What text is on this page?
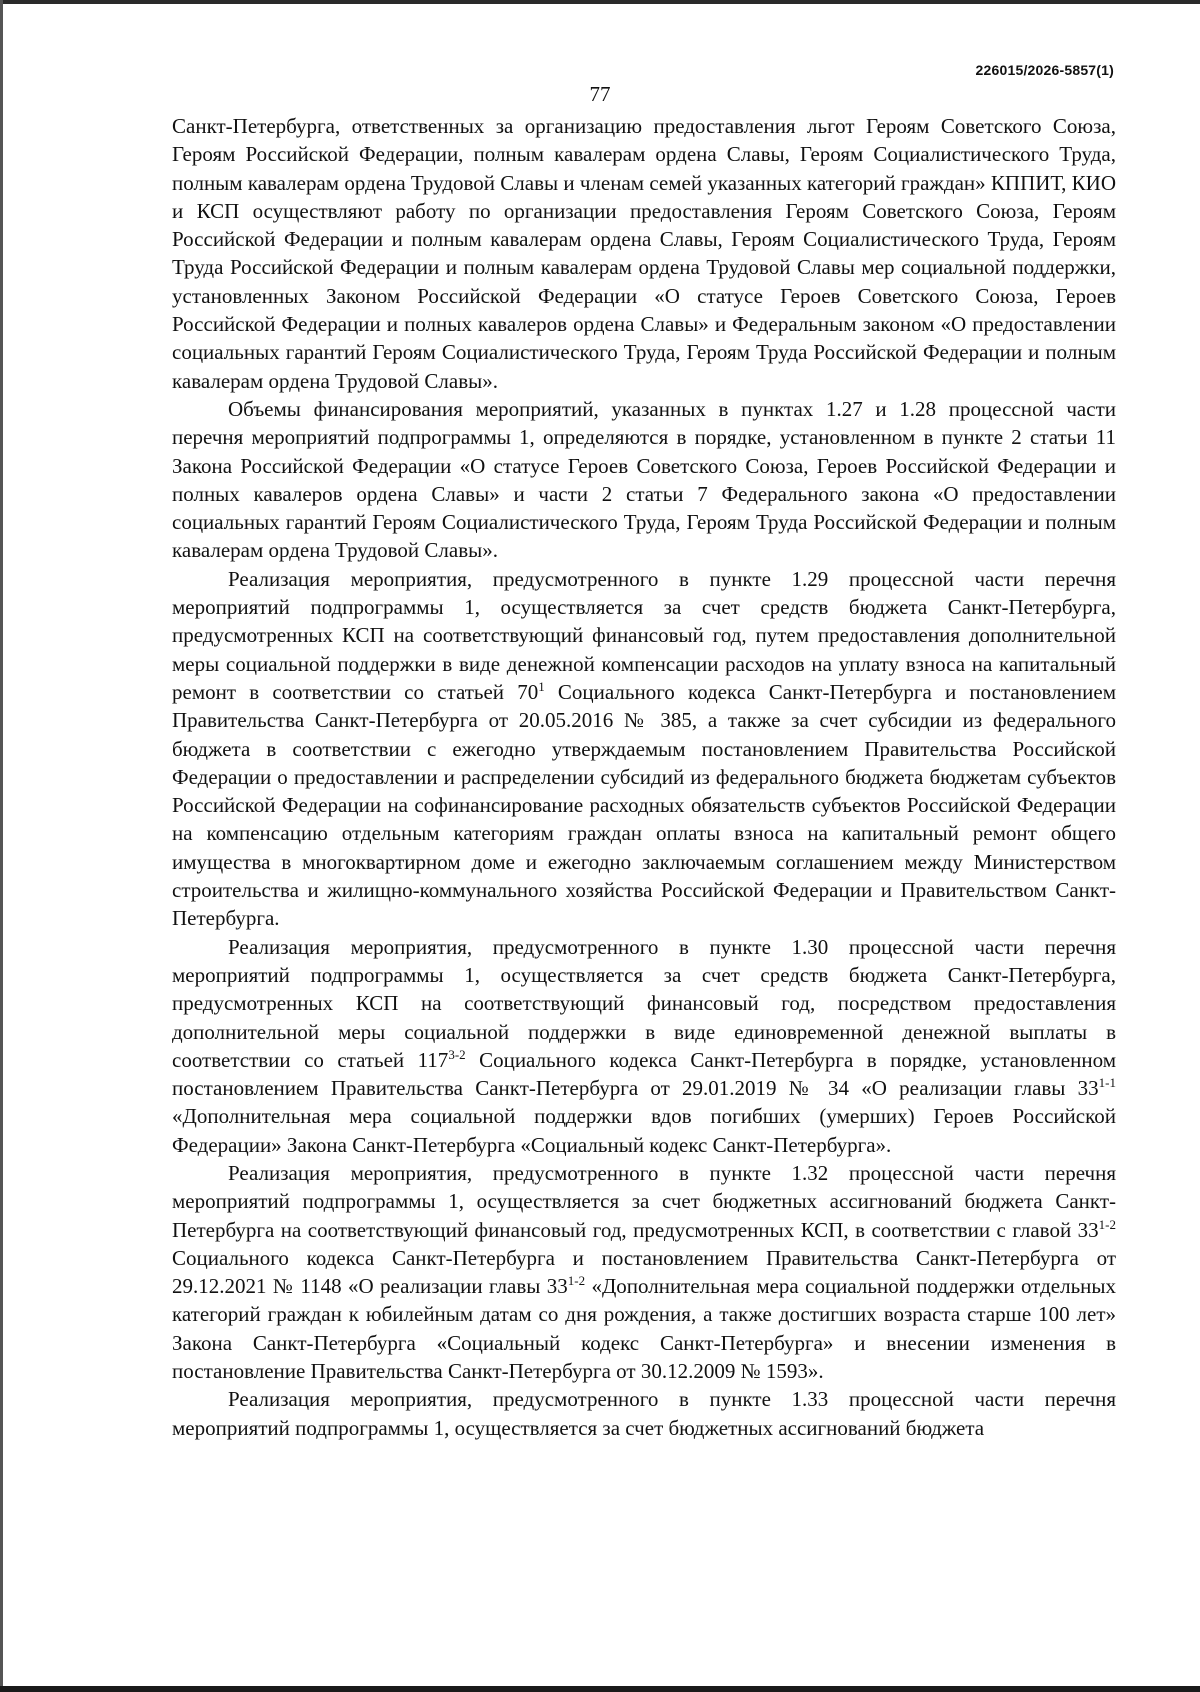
226015/2026-5857(1)
77

Санкт-Петербурга, ответственных за организацию предоставления льгот Героям Советского Союза, Героям Российской Федерации, полным кавалерам ордена Славы, Героям Социалистического Труда, полным кавалерам ордена Трудовой Славы и членам семей указанных категорий граждан» КППИТ, КИО и КСП осуществляют работу по организации предоставления Героям Советского Союза, Героям Российской Федерации и полным кавалерам ордена Славы, Героям Социалистического Труда, Героям Труда Российской Федерации и полным кавалерам ордена Трудовой Славы мер социальной поддержки, установленных Законом Российской Федерации «О статусе Героев Советского Союза, Героев Российской Федерации и полных кавалеров ордена Славы» и Федеральным законом «О предоставлении социальных гарантий Героям Социалистического Труда, Героям Труда Российской Федерации и полным кавалерам ордена Трудовой Славы».

Объемы финансирования мероприятий, указанных в пунктах 1.27 и 1.28 процессной части перечня мероприятий подпрограммы 1, определяются в порядке, установленном в пункте 2 статьи 11 Закона Российской Федерации «О статусе Героев Советского Союза, Героев Российской Федерации и полных кавалеров ордена Славы» и части 2 статьи 7 Федерального закона «О предоставлении социальных гарантий Героям Социалистического Труда, Героям Труда Российской Федерации и полным кавалерам ордена Трудовой Славы».

Реализация мероприятия, предусмотренного в пункте 1.29 процессной части перечня мероприятий подпрограммы 1, осуществляется за счет средств бюджета Санкт-Петербурга, предусмотренных КСП на соответствующий финансовый год, путем предоставления дополнительной меры социальной поддержки в виде денежной компенсации расходов на уплату взноса на капитальный ремонт в соответствии со статьей $70^1$ Социального кодекса Санкт-Петербурга и постановлением Правительства Санкт-Петербурга от 20.05.2016 № 385, а также за счет субсидии из федерального бюджета в соответствии с ежегодно утверждаемым постановлением Правительства Российской Федерации о предоставлении и распределении субсидий из федерального бюджета бюджетам субъектов Российской Федерации на софинансирование расходных обязательств субъектов Российской Федерации на компенсацию отдельным категориям граждан оплаты взноса на капитальный ремонт общего имущества в многоквартирном доме и ежегодно заключаемым соглашением между Министерством строительства и жилищно-коммунального хозяйства Российской Федерации и Правительством Санкт-Петербурга.

Реализация мероприятия, предусмотренного в пункте 1.30 процессной части перечня мероприятий подпрограммы 1, осуществляется за счет средств бюджета Санкт-Петербурга, предусмотренных КСП на соответствующий финансовый год, посредством предоставления дополнительной меры социальной поддержки в виде единовременной денежной выплаты в соответствии со статьей 117$^{3-2}$ Социального кодекса Санкт-Петербурга в порядке, установленном постановлением Правительства Санкт-Петербурга от 29.01.2019 № 34 «О реализации главы 33$^{1-1}$ «Дополнительная мера социальной поддержки вдов погибших (умерших) Героев Российской Федерации» Закона Санкт-Петербурга «Социальный кодекс Санкт-Петербурга».

Реализация мероприятия, предусмотренного в пункте 1.32 процессной части перечня мероприятий подпрограммы 1, осуществляется за счет бюджетных ассигнований бюджета Санкт-Петербурга на соответствующий финансовый год, предусмотренных КСП, в соответствии с главой 33$^{1-2}$ Социального кодекса Санкт-Петербурга и постановлением Правительства Санкт-Петербурга от 29.12.2021 № 1148 «О реализации главы 33$^{1-2}$ «Дополнительная мера социальной поддержки отдельных категорий граждан к юбилейным датам со дня рождения, а также достигших возраста старше 100 лет» Закона Санкт-Петербурга «Социальный кодекс Санкт-Петербурга» и внесении изменения в постановление Правительства Санкт-Петербурга от 30.12.2009 № 1593».

Реализация мероприятия, предусмотренного в пункте 1.33 процессной части перечня мероприятий подпрограммы 1, осуществляется за счет бюджетных ассигнований бюджета
